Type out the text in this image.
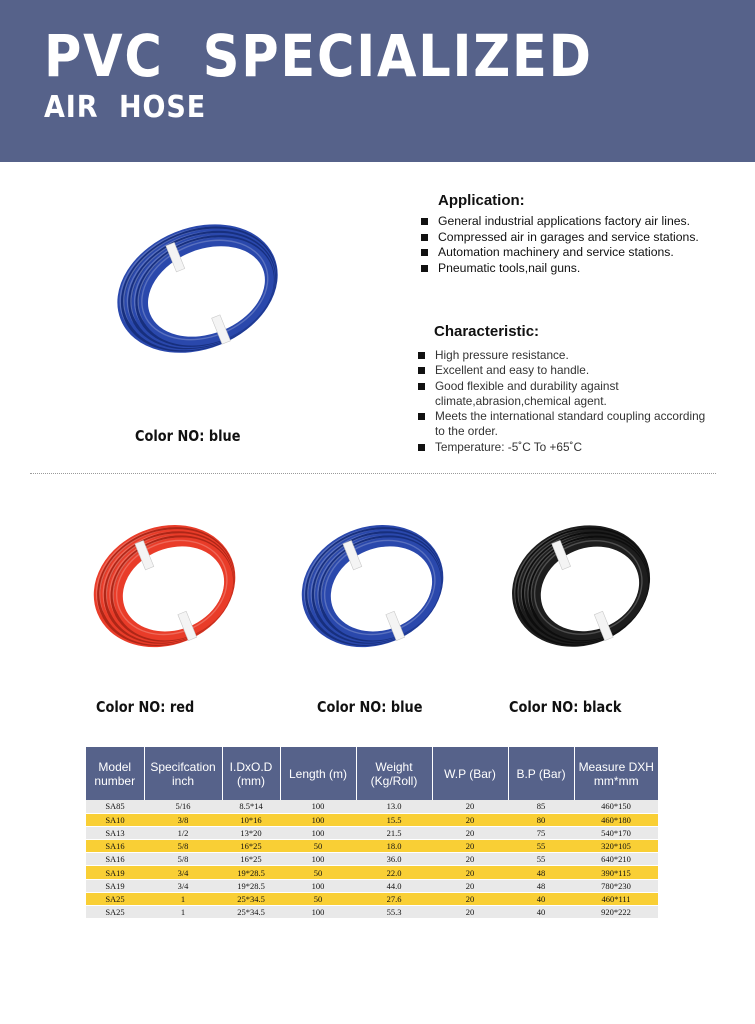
PVC  SPECIALIZED
AIR  HOSE
Color NO: blue
Application:
General industrial applications factory air lines.
Compressed air in garages and service stations.
Automation machinery and service stations.
Pneumatic tools,nail guns.
Characteristic:
High pressure resistance.
Excellent and easy to handle.
Good flexible and durability against climate,abrasion,chemical agent.
Meets the international standard coupling according to the order.
Temperature: -5˚C To +65˚C
Color NO: red	Color NO: blue	Color NO: black
Model number	Specifcation inch	I.DxO.D (mm)	Length (m)	Weight (Kg/Roll)	W.P (Bar)	B.P (Bar)	Measure DXH mm*mm
SA85	5/16	8.5*14	100	13.0	20	85	460*150
SA10	3/8	10*16	100	15.5	20	80	460*180
SA13	1/2	13*20	100	21.5	20	75	540*170
SA16	5/8	16*25	50	18.0	20	55	320*105
SA16	5/8	16*25	100	36.0	20	55	640*210
SA19	3/4	19*28.5	50	22.0	20	48	390*115
SA19	3/4	19*28.5	100	44.0	20	48	780*230
SA25	1	25*34.5	50	27.6	20	40	460*111
SA25	1	25*34.5	100	55.3	20	40	920*222
